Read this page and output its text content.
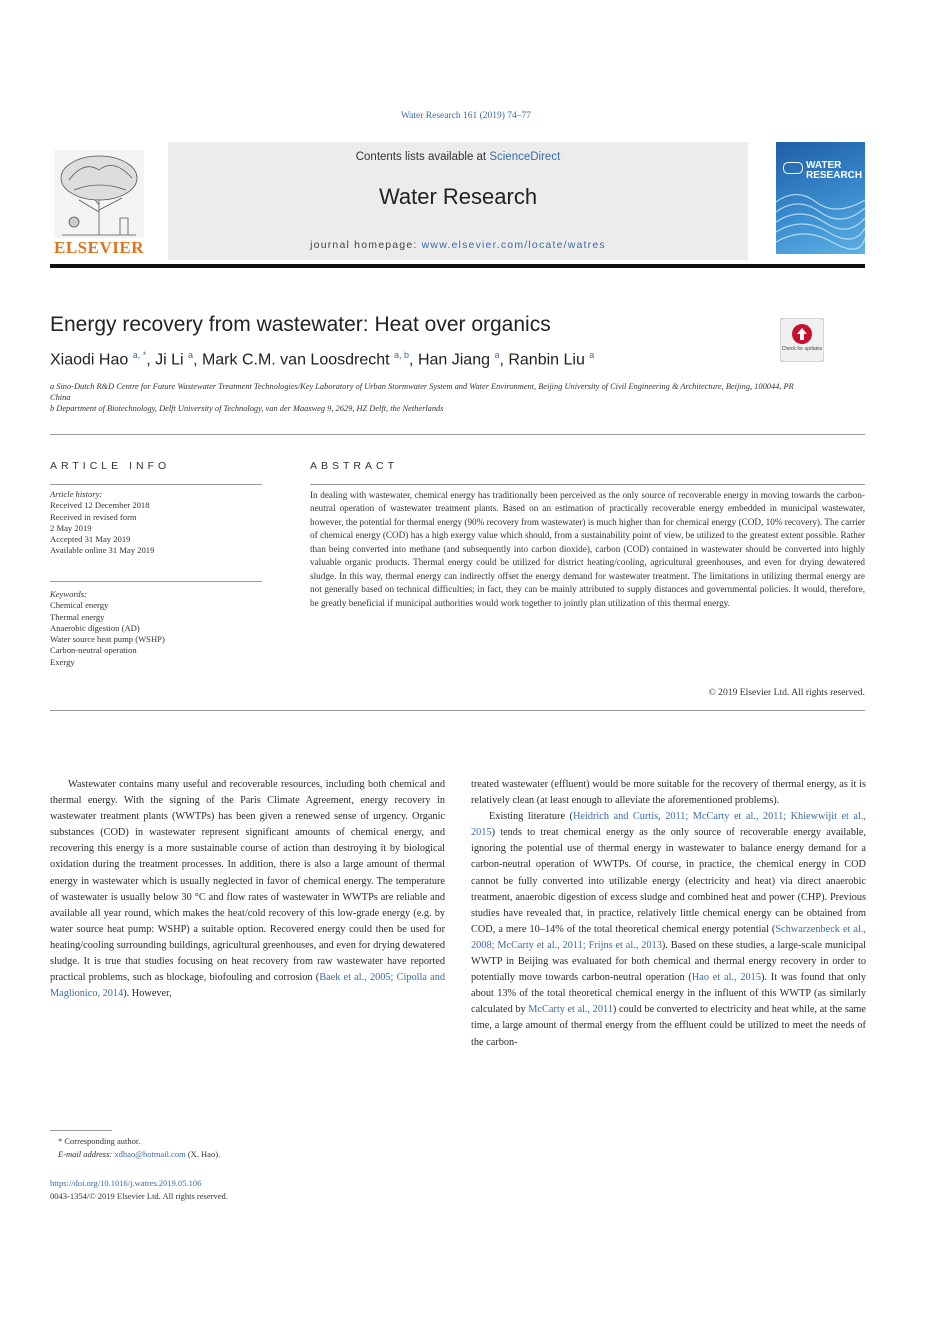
Water Research 161 (2019) 74–77
ELSEVIER
Contents lists available at ScienceDirect
Water Research
journal homepage: www.elsevier.com/locate/watres
WATER
RESEARCH
Energy recovery from wastewater: Heat over organics
Check for updates
Xiaodi Hao $^{a, *}$, Ji Li $^a$, Mark C.M. van Loosdrecht $^{a, b}$, Han Jiang $^a$, Ranbin Liu $^a$
a Sino-Dutch R&D Centre for Future Wastewater Treatment Technologies/Key Laboratory of Urban Stormwater System and Water Environment, Beijing University of Civil Engineering & Architecture, Beijing, 100044, PR China
b Department of Biotechnology, Delft University of Technology, van der Maasweg 9, 2629, HZ Delft, the Netherlands
ARTICLE INFO	ABSTRACT
Article history:
Received 12 December 2018
Received in revised form
2 May 2019
Accepted 31 May 2019
Available online 31 May 2019
Keywords:
Chemical energy
Thermal energy
Anaerobic digestion (AD)
Water source heat pump (WSHP)
Carbon-neutral operation
Exergy
In dealing with wastewater, chemical energy has traditionally been perceived as the only source of recoverable energy in moving towards the carbon-neutral operation of wastewater treatment plants. Based on an estimation of practically recoverable energy embedded in municipal wastewater, however, the potential for thermal energy (90% recovery from wastewater) is much higher than for chemical energy (COD, 10% recovery). The carrier of chemical energy (COD) has a high exergy value which should, from a sustainability point of view, be utilized to the greatest extent possible. Rather than being converted into methane (and subsequently into carbon dioxide), carbon (COD) contained in wastewater should be converted into highly valuable organic products. Thermal energy could be utilized for district heating/cooling, agricultural greenhouses, and even for drying dewatered sludge. In this way, thermal energy can indirectly offset the energy demand for wastewater treatment. The limitations in utilizing thermal energy are not generally based on technical difficulties; in fact, they can be mainly attributed to supply distances and governmental policies. It would, therefore, be greatly beneficial if municipal authorities would work together to jointly plan utilization of this thermal energy.
© 2019 Elsevier Ltd. All rights reserved.
Wastewater contains many useful and recoverable resources, including both chemical and thermal energy. With the signing of the Paris Climate Agreement, energy recovery in wastewater treatment plants (WWTPs) has been given a renewed sense of urgency. Organic substances (COD) in wastewater represent significant amounts of chemical energy, and recovering this energy is a more sustainable course of action than destroying it by biological oxidation during the treatment processes. In addition, there is also a large amount of thermal energy in wastewater which is usually neglected in favor of chemical energy. The temperature of wastewater is usually below 30 °C and flow rates of wastewater in WWTPs are reliable and available all year round, which makes the heat/cold recovery of this low-grade energy (e.g. by water source heat pump: WSHP) a suitable option. Recovered energy could then be used for heating/cooling surrounding buildings, agricultural greenhouses, and even for drying dewatered sludge. It is true that studies focusing on heat recovery from raw wastewater have reported practical problems, such as blockage, biofouling and corrosion (Baek et al., 2005; Cipolla and Maglionico, 2014). However,
treated wastewater (effluent) would be more suitable for the recovery of thermal energy, as it is relatively clean (at least enough to alleviate the aforementioned problems).
Existing literature (Heidrich and Curtis, 2011; McCarty et al., 2011; Khiewwijit et al., 2015) tends to treat chemical energy as the only source of recoverable energy available, ignoring the potential use of thermal energy in wastewater to balance energy demand for a carbon-neutral operation of WWTPs. Of course, in practice, the chemical energy in COD cannot be fully converted into utilizable energy (electricity and heat) via direct anaerobic treatment, anaerobic digestion of excess sludge and combined heat and power (CHP). Previous studies have revealed that, in practice, relatively little chemical energy can be obtained from COD, a mere 10–14% of the total theoretical chemical energy potential (Schwarzenbeck et al., 2008; McCarty et al., 2011; Frijns et al., 2013). Based on these studies, a large-scale municipal WWTP in Beijing was evaluated for both chemical and thermal energy recovery in order to potentially move towards carbon-neutral operation (Hao et al., 2015). It was found that only about 13% of the total theoretical chemical energy in the influent of this WWTP (as similarly calculated by McCarty et al., 2011) could be converted to electricity and heat while, at the same time, a large amount of thermal energy from the effluent could be utilized to meet the needs of the carbon-
* Corresponding author.
E-mail address: xdhao@hotmail.com (X. Hao).
https://doi.org/10.1016/j.watres.2019.05.106
0043-1354/© 2019 Elsevier Ltd. All rights reserved.
